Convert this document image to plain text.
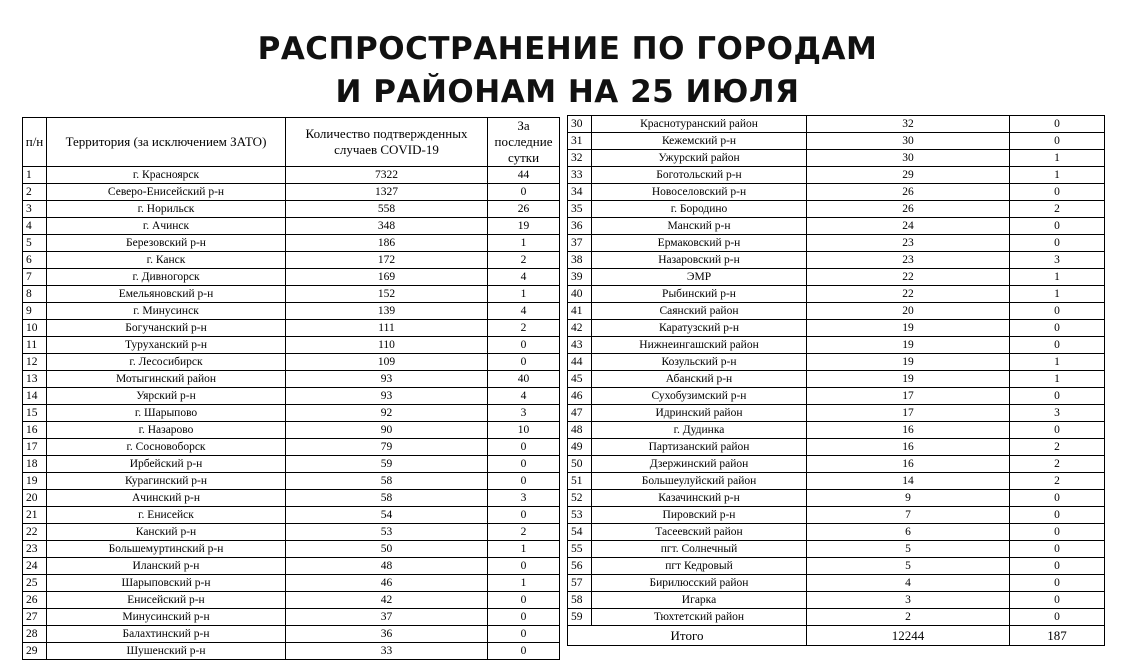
РАСПРОСТРАНЕНИЕ ПО ГОРОДАМ
И РАЙОНАМ НА 25 ИЮЛЯ
п/н	Территория (за исключением ЗАТО)	Количество подтвержденных случаев COVID-19	За последние сутки
1	г. Красноярск	7322	44
2	Северо-Енисейский р-н	1327	0
3	г. Норильск	558	26
4	г. Ачинск	348	19
5	Березовский р-н	186	1
6	г. Канск	172	2
7	г. Дивногорск	169	4
8	Емельяновский р-н	152	1
9	г. Минусинск	139	4
10	Богучанский р-н	111	2
11	Туруханский р-н	110	0
12	г. Лесосибирск	109	0
13	Мотыгинский район	93	40
14	Уярский р-н	93	4
15	г. Шарыпово	92	3
16	г. Назарово	90	10
17	г. Сосновоборск	79	0
18	Ирбейский р-н	59	0
19	Курагинский р-н	58	0
20	Ачинский р-н	58	3
21	г. Енисейск	54	0
22	Канский р-н	53	2
23	Большемуртинский р-н	50	1
24	Иланский р-н	48	0
25	Шарыповский р-н	46	1
26	Енисейский р-н	42	0
27	Минусинский р-н	37	0
28	Балахтинский р-н	36	0
29	Шушенский р-н	33	0
30	Краснотуранский район	32	0
31	Кежемский р-н	30	0
32	Ужурский район	30	1
33	Боготольский р-н	29	1
34	Новоселовский р-н	26	0
35	г. Бородино	26	2
36	Манский р-н	24	0
37	Ермаковский р-н	23	0
38	Назаровский р-н	23	3
39	ЭМР	22	1
40	Рыбинский р-н	22	1
41	Саянский район	20	0
42	Каратузский р-н	19	0
43	Нижнеингашский район	19	0
44	Козульский р-н	19	1
45	Абанский р-н	19	1
46	Сухобузимский р-н	17	0
47	Идринский район	17	3
48	г. Дудинка	16	0
49	Партизанский район	16	2
50	Дзержинский район	16	2
51	Большеулуйский район	14	2
52	Казачинский р-н	9	0
53	Пировский р-н	7	0
54	Тасеевский район	6	0
55	пгт. Солнечный	5	0
56	пгт Кедровый	5	0
57	Бирилюсский район	4	0
58	Игарка	3	0
59	Тюхтетский район	2	0
Итого		12244	187
